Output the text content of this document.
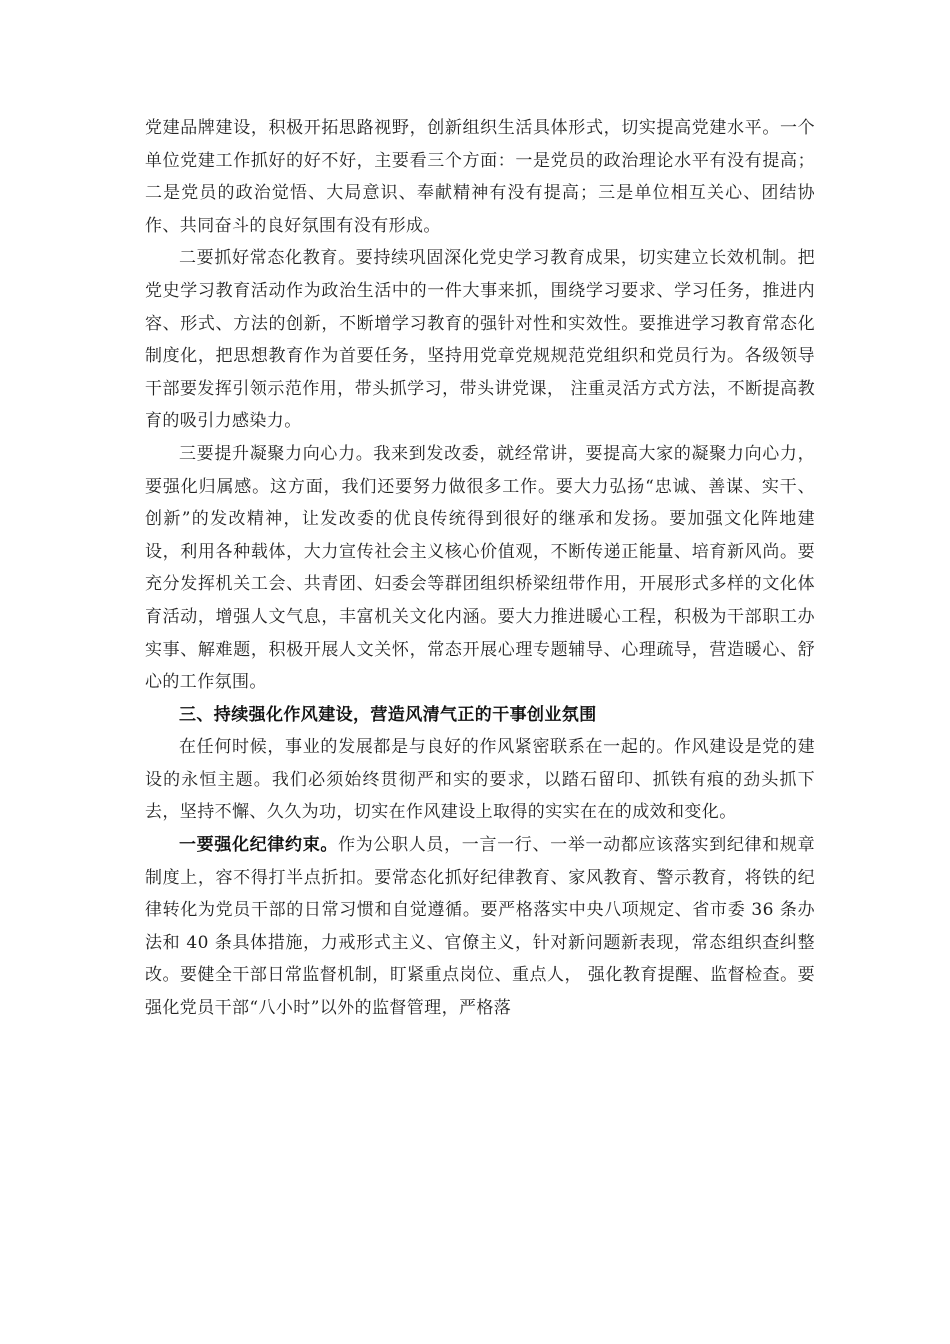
党建品牌建设，积极开拓思路视野，创新组织生活具体形式，切实提高党建水平。一个单位党建工作抓好的好不好，主要看三个方面：一是党员的政治理论水平有没有提高；二是党员的政治觉悟、大局意识、奉献精神有没有提高；三是单位相互关心、团结协作、共同奋斗的良好氛围有没有形成。

二要抓好常态化教育。要持续巩固深化党史学习教育成果，切实建立长效机制。把党史学习教育活动作为政治生活中的一件大事来抓，围绕学习要求、学习任务，推进内容、形式、方法的创新，不断增学习教育的强针对性和实效性。要推进学习教育常态化制度化，把思想教育作为首要任务，坚持用党章党规规范党组织和党员行为。各级领导干部要发挥引领示范作用，带头抓学习，带头讲党课， 注重灵活方式方法，不断提高教育的吸引力感染力。

三要提升凝聚力向心力。我来到发改委，就经常讲，要提高大家的凝聚力向心力，要强化归属感。这方面，我们还要努力做很多工作。要大力弘扬“忠诚、善谋、实干、创新”的发改精神，让发改委的优良传统得到很好的继承和发扬。要加强文化阵地建设，利用各种载体，大力宣传社会主义核心价值观，不断传递正能量、培育新风尚。要充分发挥机关工会、共青团、妇委会等群团组织桥梁纽带作用，开展形式多样的文化体育活动，增强人文气息，丰富机关文化内涵。要大力推进暖心工程，积极为干部职工办实事、解难题，积极开展人文关怀，常态开展心理专题辅导、心理疏导，营造暖心、舒心的工作氛围。

三、持续强化作风建设，营造风清气正的干事创业氛围

在任何时候，事业的发展都是与良好的作风紧密联系在一起的。作风建设是党的建设的永恒主题。我们必须始终贯彻严和实的要求，以踏石留印、抓铁有痕的劲头抓下去，坚持不懈、久久为功，切实在作风建设上取得的实实在在的成效和变化。

一要强化纪律约束。作为公职人员，一言一行、一举一动都应该落实到纪律和规章制度上，容不得打半点折扣。要常态化抓好纪律教育、家风教育、警示教育，将铁的纪律转化为党员干部的日常习惯和自觉遵循。要严格落实中央八项规定、省市委 36 条办法和 40 条具体措施，力戒形式主义、官僚主义，针对新问题新表现，常态组织查纠整改。要健全干部日常监督机制，盯紧重点岗位、重点人， 强化教育提醒、监督检查。要强化党员干部“八小时”以外的监督管理，严格落
